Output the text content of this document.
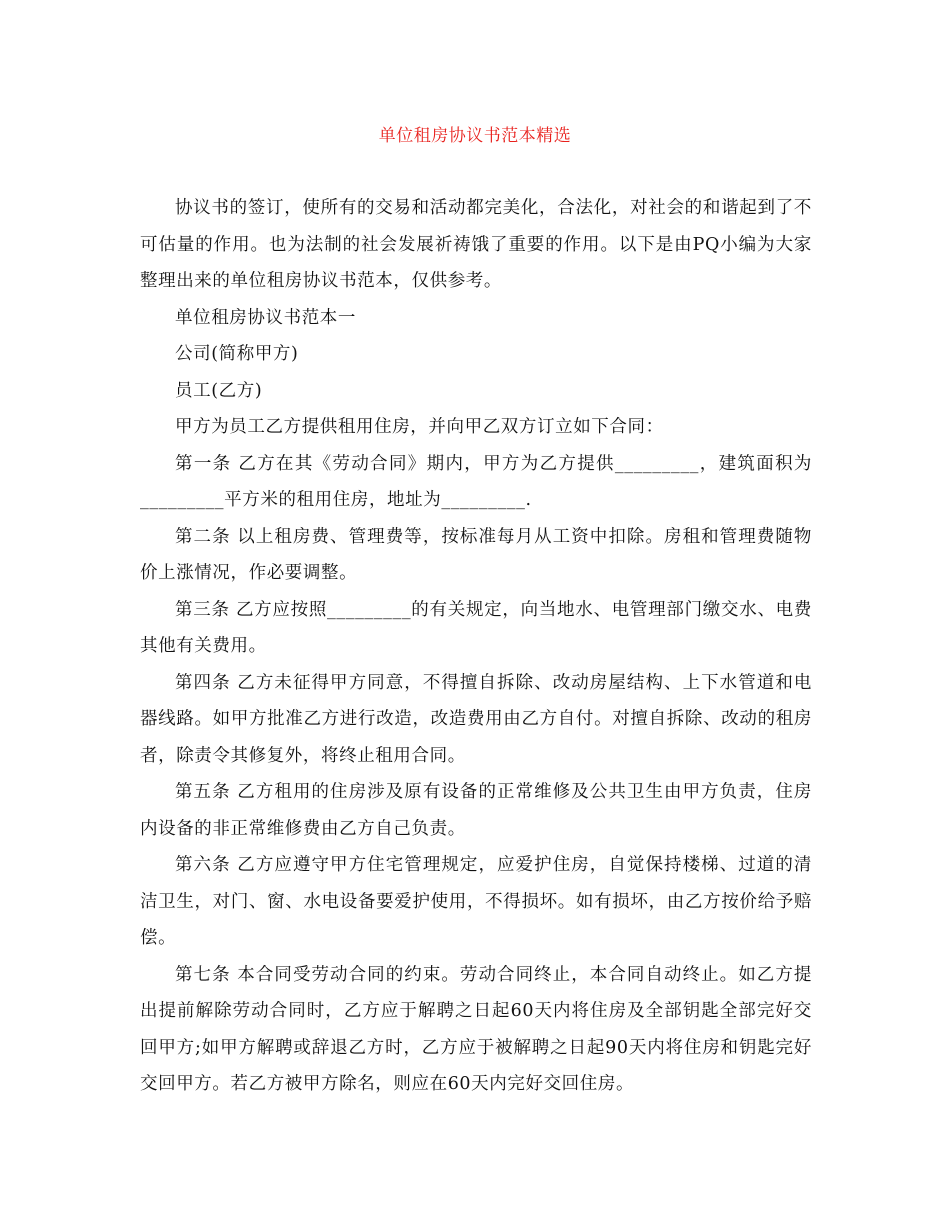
单位租房协议书范本精选

协议书的签订，使所有的交易和活动都完美化，合法化，对社会的和谐起到了不可估量的作用。也为法制的社会发展祈祷饿了重要的作用。以下是由PQ小编为大家整理出来的单位租房协议书范本，仅供参考。

单位租房协议书范本一

公司(简称甲方)

员工(乙方)

甲方为员工乙方提供租用住房，并向甲乙双方订立如下合同：

第一条 乙方在其《劳动合同》期内，甲方为乙方提供_________，建筑面积为_________平方米的租用住房，地址为_________.

第二条 以上租房费、管理费等，按标准每月从工资中扣除。房租和管理费随物价上涨情况，作必要调整。

第三条 乙方应按照_________的有关规定，向当地水、电管理部门缴交水、电费其他有关费用。

第四条 乙方未征得甲方同意，不得擅自拆除、改动房屋结构、上下水管道和电器线路。如甲方批准乙方进行改造，改造费用由乙方自付。对擅自拆除、改动的租房者，除责令其修复外，将终止租用合同。

第五条 乙方租用的住房涉及原有设备的正常维修及公共卫生由甲方负责，住房内设备的非正常维修费由乙方自己负责。

第六条 乙方应遵守甲方住宅管理规定，应爱护住房，自觉保持楼梯、过道的清洁卫生，对门、窗、水电设备要爱护使用，不得损坏。如有损坏，由乙方按价给予赔偿。

第七条 本合同受劳动合同的约束。劳动合同终止，本合同自动终止。如乙方提出提前解除劳动合同时，乙方应于解聘之日起60天内将住房及全部钥匙全部完好交回甲方;如甲方解聘或辞退乙方时，乙方应于被解聘之日起90天内将住房和钥匙完好交回甲方。若乙方被甲方除名，则应在60天内完好交回住房。
